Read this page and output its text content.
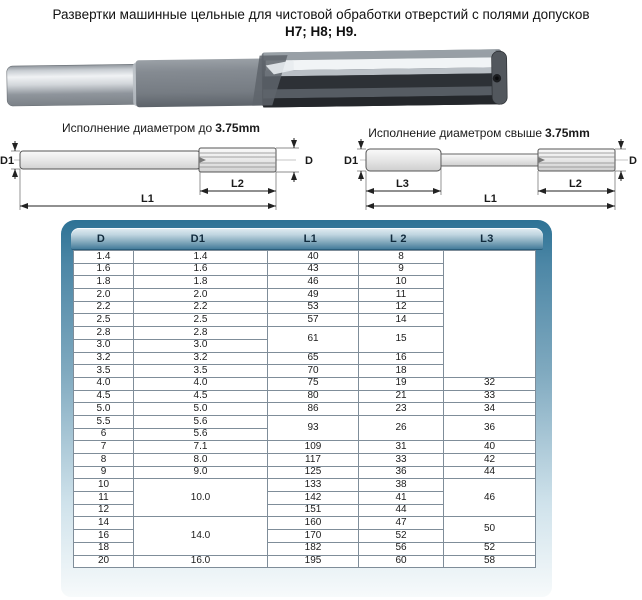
Развертки машинные цельные для чистовой обработки отверстий с полями допусков
Н7; Н8; Н9.
Исполнение диаметром до 3.75mm
D1	D
L2
L1
Исполнение диаметром свыше 3.75mm
D1	D
L3	L2
L1
D	D1	L1	L 2	L3
1.4	1.4	40	8	
1.6	1.6	43	9	
1.8	1.8	46	10	
2.0	2.0	49	11	
2.2	2.2	53	12	
2.5	2.5	57	14	
2.8	2.8	61	15	
3.0	3.0			
3.2	3.2	65	16	
3.5	3.5	70	18	
4.0	4.0	75	19	32
4.5	4.5	80	21	33
5.0	5.0	86	23	34
5.5	5.6	93	26	36
6	5.6			
7	7.1	109	31	40
8	8.0	117	33	42
9	9.0	125	36	44
10	10.0	133	38	46
11		142	41	
12		151	44	
14	14.0	160	47	50
16		170	52	
18		182	56	52
20	16.0	195	60	58
